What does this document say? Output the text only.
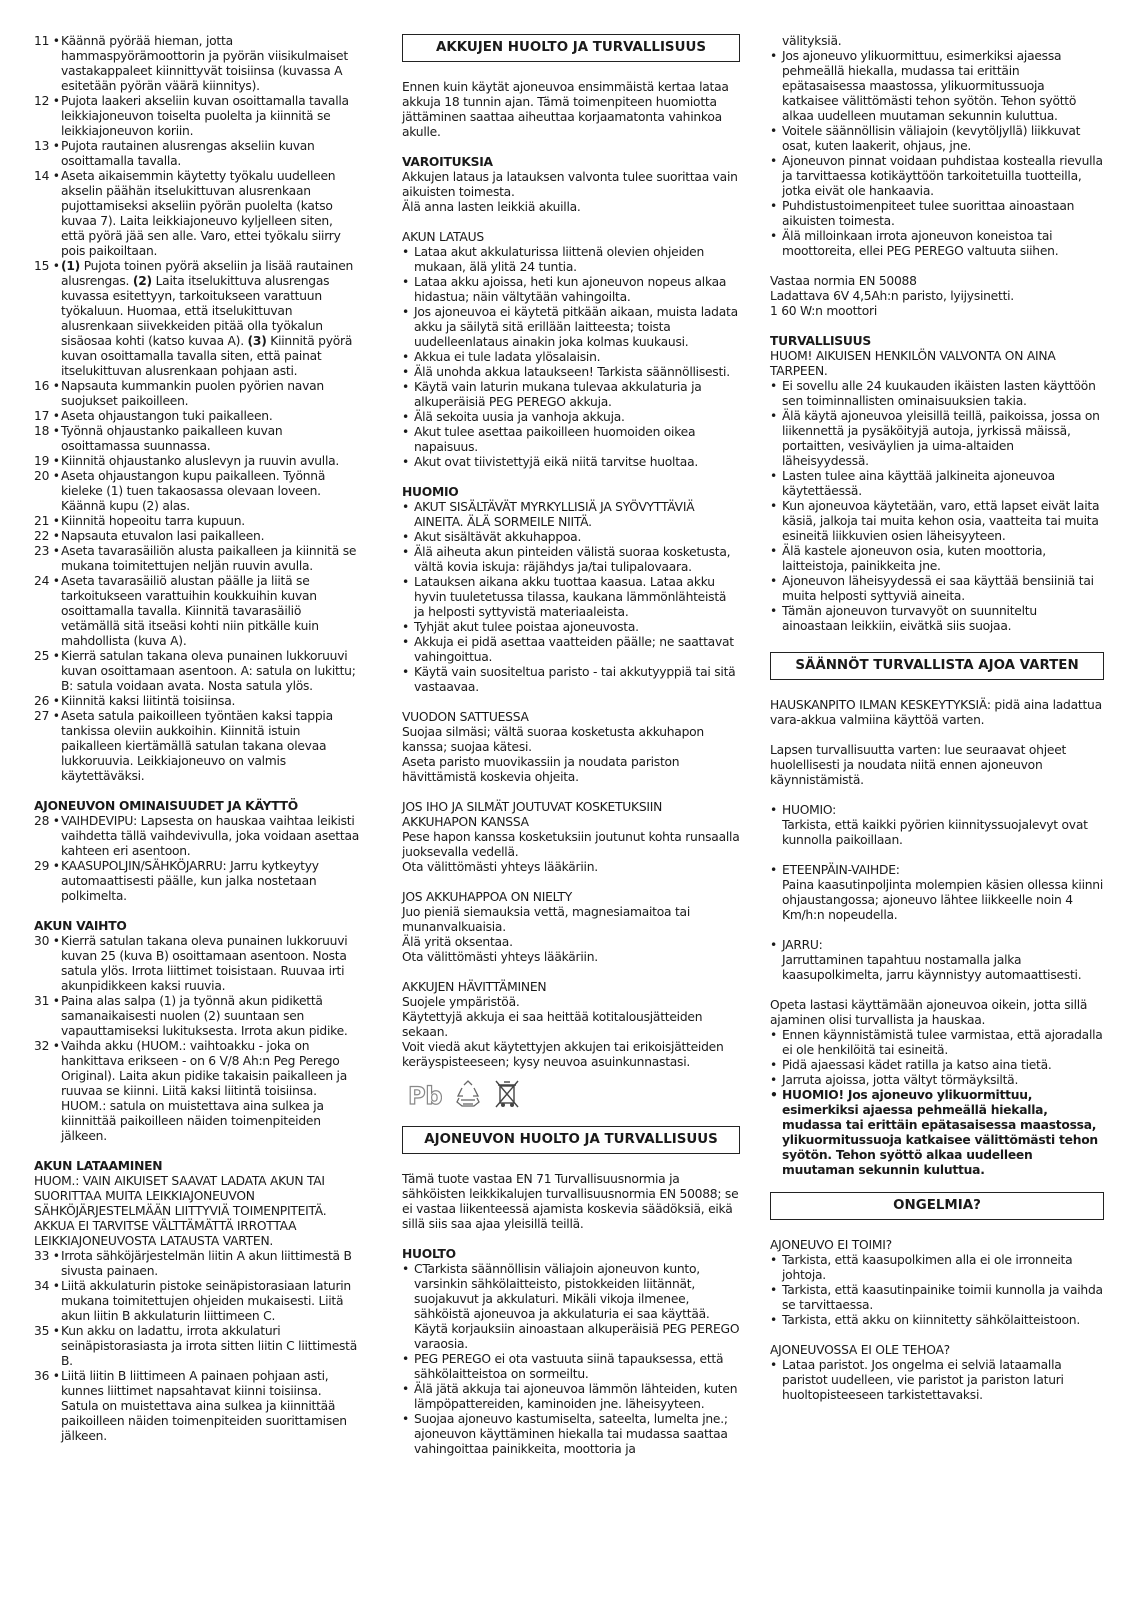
11 • Käännä pyörää hieman, jotta hammaspyörämoottorin ja pyörän viisikulmaiset vastakappaleet kiinnittyvät toisiinsa (kuvassa A esitetään pyörän väärä kiinnitys).
12 • Pujota laakeri akseliin kuvan osoittamalla tavalla leikkiajoneuvon toiselta puolelta ja kiinnitä se leikkiajoneuvon koriin.
13 • Pujota rautainen alusrengas akseliin kuvan osoittamalla tavalla.
14 • Aseta aikaisemmin käytetty työkalu uudelleen akselin päähän itselukittuvan alusrenkaan pujottamiseksi akseliin pyörän puolelta (katso kuvaa 7). Laita leikkiajoneuvo kyljelleen siten, että pyörä jää sen alle. Varo, ettei työkalu siirry pois paikoiltaan.
15 • (1) Pujota toinen pyörä akseliin ja lisää rautainen alusrengas. (2) Laita itselukittuva alusrengas kuvassa esitettyyn, tarkoitukseen varattuun työkaluun. Huomaa, että itselukittuvan alusrenkaan siivekkeiden pitää olla työkalun sisäosaa kohti (katso kuvaa A). (3) Kiinnitä pyörä kuvan osoittamalla tavalla siten, että painat itselukittuvan alusrenkaan pohjaan asti.
16 • Napsauta kummankin puolen pyörien navan suojukset paikoilleen.
17 • Aseta ohjaustangon tuki paikalleen.
18 • Työnnä ohjaustanko paikalleen kuvan osoittamassa suunnassa.
19 • Kiinnitä ohjaustanko aluslevyn ja ruuvin avulla.
20 • Aseta ohjaustangon kupu paikalleen. Työnnä kieleke (1) tuen takaosassa olevaan loveen. Käännä kupu (2) alas.
21 • Kiinnitä hopeoitu tarra kupuun.
22 • Napsauta etuvalon lasi paikalleen.
23 • Aseta tavarasäiliön alusta paikalleen ja kiinnitä se mukana toimitettujen neljän ruuvin avulla.
24 • Aseta tavarasäiliö alustan päälle ja liitä se tarkoitukseen varattuihin koukkuihin kuvan osoittamalla tavalla. Kiinnitä tavarasäiliö vetämällä sitä itseäsi kohti niin pitkälle kuin mahdollista (kuva A).
25 • Kierrä satulan takana oleva punainen lukkoruuvi kuvan osoittamaan asentoon. A: satula on lukittu; B: satula voidaan avata. Nosta satula ylös.
26 • Kiinnitä kaksi liitintä toisiinsa.
27 • Aseta satula paikoilleen työntäen kaksi tappia tankissa oleviin aukkoihin. Kiinnitä istuin paikalleen kiertämällä satulan takana olevaa lukkoruuvia. Leikkiajoneuvo on valmis käytettäväksi.
AJONEUVON OMINAISUUDET JA KÄYTTÖ
28 • VAIHDEVIPU: Lapsesta on hauskaa vaihtaa leikisti vaihdetta tällä vaihdevivulla, joka voidaan asettaa kahteen eri asentoon.
29 • KAASUPOLJIN/SÄHKÖJARRU: Jarru kytkeytyy automaattisesti päälle, kun jalka nostetaan polkimelta.
AKUN VAIHTO
30 • Kierrä satulan takana oleva punainen lukkoruuvi kuvan 25 (kuva B) osoittamaan asentoon. Nosta satula ylös. Irrota liittimet toisistaan. Ruuvaa irti akunpidikkeen kaksi ruuvia.
31 • Paina alas salpa (1) ja työnnä akun pidikettä samanaikaisesti nuolen (2) suuntaan sen vapauttamiseksi lukituksesta. Irrota akun pidike.
32 • Vaihda akku (HUOM.: vaihtoakku - joka on hankittava erikseen - on 6 V/8 Ah:n Peg Perego Original). Laita akun pidike takaisin paikalleen ja ruuvaa se kiinni. Liitä kaksi liitintä toisiinsa. HUOM.: satula on muistettava aina sulkea ja kiinnittää paikoilleen näiden toimenpiteiden jälkeen.
AKUN LATAAMINEN
HUOM.: VAIN AIKUISET SAAVAT LADATA AKUN TAI SUORITTAA MUITA LEIKKIAJONEUVON SÄHKÖJÄRJESTELMÄÄN LIITTYVIÄ TOIMENPITEITÄ. AKKUA EI TARVITSE VÄLTTÄMÄTTÄ IRROTTAA LEIKKIAJONEUVOSTA LATAUSTA VARTEN.
33 • Irrota sähköjärjestelmän liitin A akun liittimestä B sivusta painaen.
34 • Liitä akkulaturin pistoke seinäpistorasiaan laturin mukana toimitettujen ohjeiden mukaisesti. Liitä akun liitin B akkulaturin liittimeen C.
35 • Kun akku on ladattu, irrota akkulaturi seinäpistorasiasta ja irrota sitten liitin C liittimestä B.
36 • Liitä liitin B liittimeen A painaen pohjaan asti, kunnes liittimet napsahtavat kiinni toisiinsa. Satula on muistettava aina sulkea ja kiinnittää paikoilleen näiden toimenpiteiden suorittamisen jälkeen.
AKKUJEN HUOLTO JA TURVALLISUUS
Ennen kuin käytät ajoneuvoa ensimmäistä kertaa lataa akkuja 18 tunnin ajan. Tämä toimenpiteen huomiotta jättäminen saattaa aiheuttaa korjaamatonta vahinkoa akulle.
VAROITUKSIA
Akkujen lataus ja latauksen valvonta tulee suorittaa vain aikuisten toimesta.
Älä anna lasten leikkiä akuilla.
AKUN LATAUS
• Lataa akut akkulaturissa liittenä olevien ohjeiden mukaan, älä ylitä 24 tuntia.
• Lataa akku ajoissa, heti kun ajoneuvon nopeus alkaa hidastua; näin vältytään vahingoilta.
• Jos ajoneuvoa ei käytetä pitkään aikaan, muista ladata akku ja säilytä sitä erillään laitteesta; toista uudelleenlataus ainakin joka kolmas kuukausi.
• Akkua ei tule ladata ylösalaisin.
• Älä unohda akkua lataukseen! Tarkista säännöllisesti.
• Käytä vain laturin mukana tulevaa akkulaturia ja alkuperäisiä PEG PEREGO akkuja.
• Älä sekoita uusia ja vanhoja akkuja.
• Akut tulee asettaa paikoilleen huomoiden oikea napaisuus.
• Akut ovat tiivistettyjä eikä niitä tarvitse huoltaa.
HUOMIO
• AKUT SISÄLTÄVÄT MYRKYLLISIÄ JA SYÖVYTTÄVIÄ AINEITA. ÄLÄ SORMEILE NIITÄ.
• Akut sisältävät akkuhappoa.
• Älä aiheuta akun pinteiden välistä suoraa kosketusta, vältä kovia iskuja: räjähdys ja/tai tulipalovaara.
• Latauksen aikana akku tuottaa kaasua. Lataa akku hyvin tuuletetussa tilassa, kaukana lämmönlähteistä ja helposti syttyvistä materiaaleista.
• Tyhjät akut tulee poistaa ajoneuvosta.
• Akkuja ei pidä asettaa vaatteiden päälle; ne saattavat vahingoittua.
• Käytä vain suositeltua paristo - tai akkutyyppiä tai sitä vastaavaa.
VUODON SATTUESSA
Suojaa silmäsi; vältä suoraa kosketusta akkuhapon kanssa; suojaa kätesi.
Aseta paristo muovikassiin ja noudata pariston hävittämistä koskevia ohjeita.
JOS IHO JA SILMÄT JOUTUVAT KOSKETUKSIIN AKKUHAPON KANSSA
Pese hapon kanssa kosketuksiin joutunut kohta runsaalla juoksevalla vedellä.
Ota välittömästi yhteys lääkäriin.
JOS AKKUHAPPOA ON NIELTY
Juo pieniä siemauksia vettä, magnesiamaitoa tai munanvalkuaisia.
Älä yritä oksentaa.
Ota välittömästi yhteys lääkäriin.
AKKUJEN HÄVITTÄMINEN
Suojele ympäristöä.
Käytettyjä akkuja ei saa heittää kotitalousjätteiden sekaan.
Voit viedä akut käytettyjen akkujen tai erikoisjätteiden keräyspisteeseen; kysy neuvoa asuinkunnastasi.
Pb
AJONEUVON HUOLTO JA TURVALLISUUS
Tämä tuote vastaa EN 71 Turvallisuusnormia ja sähköisten leikkikalujen turvallisuusnormia EN 50088; se ei vastaa liikenteessä ajamista koskevia säädöksiä, eikä sillä siis saa ajaa yleisillä teillä.
HUOLTO
• CTarkista säännöllisin väliajoin ajoneuvon kunto, varsinkin sähkölaitteisto, pistokkeiden liitännät, suojakuvut ja akkulaturi. Mikäli vikoja ilmenee, sähköistä ajoneuvoa ja akkulaturia ei saa käyttää. Käytä korjauksiin ainoastaan alkuperäisiä PEG PEREGO varaosia.
• PEG PEREGO ei ota vastuuta siinä tapauksessa, että sähkölaitteistoa on sormeiltu.
• Älä jätä akkuja tai ajoneuvoa lämmön lähteiden, kuten lämpöpattereiden, kaminoiden jne. läheisyyteen.
• Suojaa ajoneuvo kastumiselta, sateelta, lumelta jne.; ajoneuvon käyttäminen hiekalla tai mudassa saattaa vahingoittaa painikkeita, moottoria ja
välityksiä.
• Jos ajoneuvo ylikuormittuu, esimerkiksi ajaessa pehmeällä hiekalla, mudassa tai erittäin epätasaisessa maastossa, ylikuormitussuoja katkaisee välittömästi tehon syötön. Tehon syöttö alkaa uudelleen muutaman sekunnin kuluttua.
• Voitele säännöllisin väliajoin (kevytöljyllä) liikkuvat osat, kuten laakerit, ohjaus, jne.
• Ajoneuvon pinnat voidaan puhdistaa kostealla rievulla ja tarvittaessa kotikäyttöön tarkoitetuilla tuotteilla, jotka eivät ole hankaavia.
• Puhdistustoimenpiteet tulee suorittaa ainoastaan aikuisten toimesta.
• Älä milloinkaan irrota ajoneuvon koneistoa tai moottoreita, ellei PEG PEREGO valtuuta siihen.
Vastaa normia EN 50088
Ladattava 6V 4,5Ah:n paristo, lyijysinetti.
1 60 W:n moottori
TURVALLISUUS
HUOM! AIKUISEN HENKILÖN VALVONTA ON AINA TARPEEN.
• Ei sovellu alle 24 kuukauden ikäisten lasten käyttöön sen toiminnallisten ominaisuuksien takia.
• Älä käytä ajoneuvoa yleisillä teillä, paikoissa, jossa on liikennettä ja pysäköityjä autoja, jyrkissä mäissä, portaitten, vesiväylien ja uima-altaiden läheisyydessä.
• Lasten tulee aina käyttää jalkineita ajoneuvoa käytettäessä.
• Kun ajoneuvoa käytetään, varo, että lapset eivät laita käsiä, jalkoja tai muita kehon osia, vaatteita tai muita esineitä liikkuvien osien läheisyyteen.
• Älä kastele ajoneuvon osia, kuten moottoria, laitteistoja, painikkeita jne.
• Ajoneuvon läheisyydessä ei saa käyttää bensiiniä tai muita helposti syttyviä aineita.
• Tämän ajoneuvon turvavyöt on suunniteltu ainoastaan leikkiin, eivätkä siis suojaa.
SÄÄNNÖT TURVALLISTA AJOA VARTEN
HAUSKANPITO ILMAN KESKEYTYKSIÄ: pidä aina ladattua vara-akkua valmiina käyttöä varten.
Lapsen turvallisuutta varten: lue seuraavat ohjeet huolellisesti ja noudata niitä ennen ajoneuvon käynnistämistä.
• HUOMIO:
Tarkista, että kaikki pyörien kiinnityssuojalevyt ovat kunnolla paikoillaan.
• ETEENPÄIN-VAIHDE:
Paina kaasutinpoljinta molempien käsien ollessa kiinni ohjaustangossa; ajoneuvo lähtee liikkeelle noin 4 Km/h:n nopeudella.
• JARRU:
Jarruttaminen tapahtuu nostamalla jalka kaasupolkimelta, jarru käynnistyy automaattisesti.
Opeta lastasi käyttämään ajoneuvoa oikein, jotta sillä ajaminen olisi turvallista ja hauskaa.
• Ennen käynnistämistä tulee varmistaa, että ajoradalla ei ole henkilöitä tai esineitä.
• Pidä ajaessasi kädet ratilla ja katso aina tietä.
• Jarruta ajoissa, jotta vältyt törmäyksiltä.
• HUOMIO! Jos ajoneuvo ylikuormittuu, esimerkiksi ajaessa pehmeällä hiekalla, mudassa tai erittäin epätasaisessa maastossa, ylikuormitussuoja katkaisee välittömästi tehon syötön. Tehon syöttö alkaa uudelleen muutaman sekunnin kuluttua.
ONGELMIA?
AJONEUVO EI TOIMI?
• Tarkista, että kaasupolkimen alla ei ole irronneita johtoja.
• Tarkista, että kaasutinpainike toimii kunnolla ja vaihda se tarvittaessa.
• Tarkista, että akku on kiinnitetty sähkölaitteistoon.
AJONEUVOSSA EI OLE TEHOA?
• Lataa paristot. Jos ongelma ei selviä lataamalla paristot uudelleen, vie paristot ja pariston laturi huoltopisteeseen tarkistettavaksi.
